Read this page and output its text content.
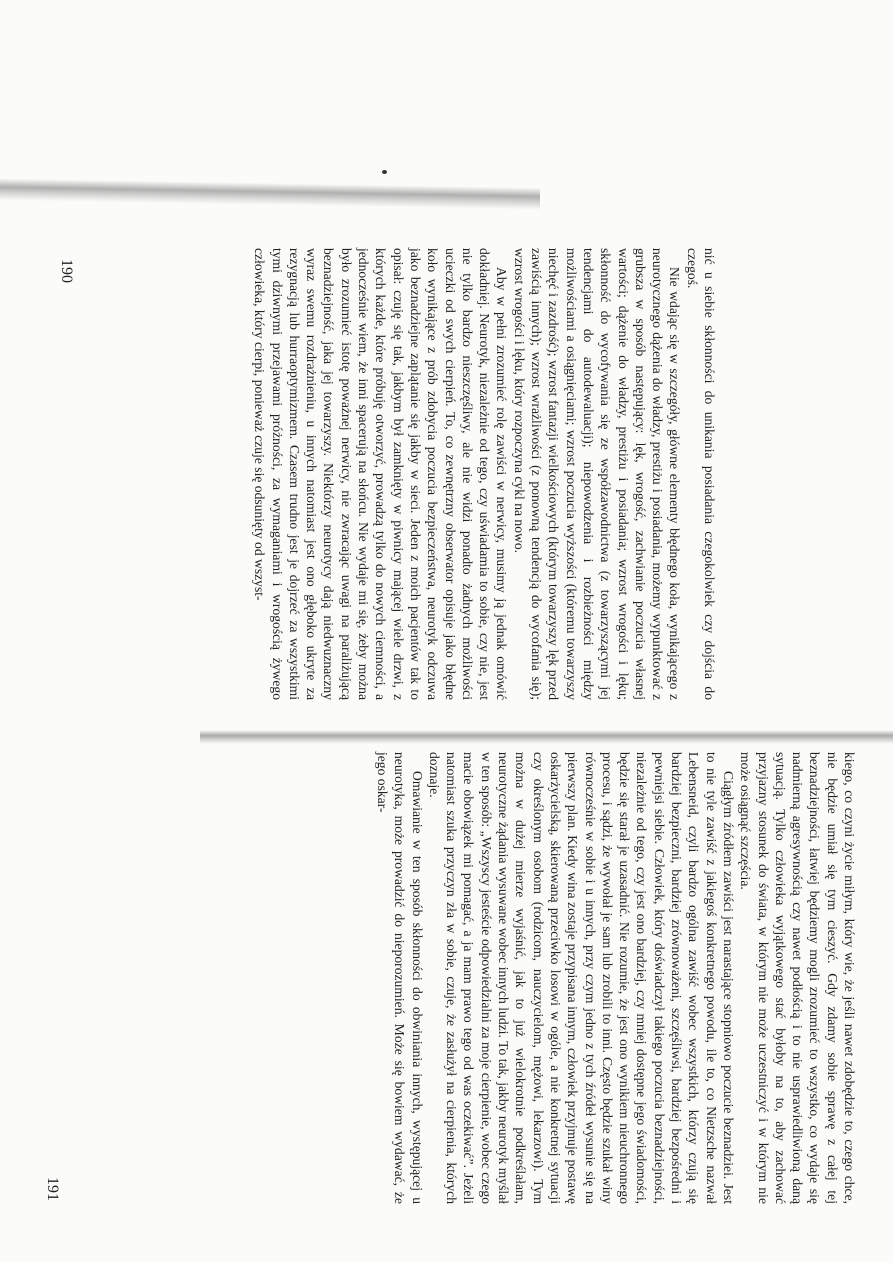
nić u siebie skłonności do unikania posiadania czegokolwiek czy dojścia do czegoś.

Nie wdając się w szczegóły, główne elementy błędnego koła, wynikającego z neurotycznego dążenia do władzy, prestiżu i posiadania, możemy wypunktować z grubsza w sposób następujący: lęk, wrogość, zachwianie poczucia własnej wartości; dążenie do władzy, prestiżu i posiadania; wzrost wrogości i lęku; skłonność do wycofywania się ze współzawodnictwa (z towarzyszącymi jej tendencjami do autodewaluacji); niepowodzenia i rozbieżności między możliwościami a osiągnięciami; wzrost poczucia wyższości (któremu towarzyszy niechęć i zazdrość); wzrost fantazji wielkościowych (którym towarzyszy lęk przed zawiścią innych); wzrost wrażliwości (z ponowną tendencją do wycofania się); wzrost wrogości i lęku, który rozpoczyna cykl na nowo.

Aby w pełni zrozumieć rolę zawiści w nerwicy, musimy ją jednak omówić dokładniej. Neurotyk, niezależnie od tego, czy uświadamia to sobie, czy nie, jest nie tylko bardzo nieszczęśliwy, ale nie widzi ponadto żadnych możliwości ucieczki od swych cierpień. To, co zewnętrzny obserwator opisuje jako błędne koło wynikające z prób zdobycia poczucia bezpieczeństwa, neurotyk odczuwa jako beznadziejne zaplątanie się jakby w sieci. Jeden z moich pacjentów tak to opisał: czuję się tak, jakbym był zamknięty w piwnicy mającej wiele drzwi, z których każde, które próbuję otworzyć, prowadzą tylko do nowych ciemności, a jednocześnie wiem, że inni spacerują na słońcu. Nie wydaje mi się, żeby można było zrozumieć istotę poważnej nerwicy, nie zwracając uwagi na paraliżującą beznadziejność, jaka jej towarzyszy. Niektórzy neurotycy dają niedwuznaczny wyraz swemu rozdrażnieniu, u innych natomiast jest ono głęboko ukryte za rezygnacją lub hurraoptymizmem. Czasem trudno jest je dojrzeć za wszystkimi tymi dziwnymi przejawami próżności, za wymaganiami i wrogością żywego człowieka, który cierpi, ponieważ czuje się odsunięty od wszyst-

190

kiego, co czyni życie miłym, który wie, że jeśli nawet zdobędzie to, czego chce, nie będzie umiał się tym cieszyć. Gdy zdamy sobie sprawę z całej tej beznadziejności, łatwiej będziemy mogli zrozumieć to wszystko, co wydaje się nadmierną agresywnością czy nawet podłością i to nie usprawiedliwioną daną sytuacją. Tylko człowieka wyjątkowego stać byłoby na to, aby zachować przyjazny stosunek do świata, w którym nie może uczestniczyć i w którym nie może osiągnąć szczęścia.

Ciągłym źródłem zawiści jest narastające stopniowo poczucie beznadziei. Jest to nie tyle zawiść z jakiegoś konkretnego powodu, ile to, co Nietzsche nazwał Lebensneid, czyli bardzo ogólna zawiść wobec wszystkich, którzy czują się bardziej bezpieczni, bardziej zrównoważeni, szczęśliwsi, bardziej bezpośredni i pewniejsi siebie. Człowiek, który doświadczył takiego poczucia beznadziejności, niezależnie od tego, czy jest ono bardziej, czy mniej dostępne jego świadomości, będzie się starał je uzasadnić. Nie rozumie, że jest ono wynikiem nieuchronnego procesu, i sądzi, że wywołał je sam lub zrobili to inni. Często będzie szukał winy równocześnie w sobie i u innych, przy czym jedno z tych źródeł wysunie się na pierwszy plan. Kiedy wina zostaje przypisana innym, człowiek przyjmuje postawę oskarżycielską, skierowaną przeciwko losowi w ogóle, a nie konkretnej sytuacji czy określonym osobom (rodzicom, nauczycielom, mężowi, lekarzowi). Tym można w dużej mierze wyjaśnić, jak to już wielokrotnie podkreślałam, neurotyczne żądania wysuwane wobec innych ludzi. To tak, jakby neurotyk myślał w ten sposób: „Wszyscy jesteście odpowiedzialni za moje cierpienie, wobec czego macie obowiązek mi pomagać, a ja mam prawo tego od was oczekiwać”. Jeżeli natomiast szuka przyczyn zła w sobie, czuje, że zasłużył na cierpienia, których doznaje.

Omawianie w ten sposób skłonności do obwiniania innych, występującej u neurotyka, może prowadzić do nieporozumień. Może się bowiem wydawać, że jego oskar-

191
